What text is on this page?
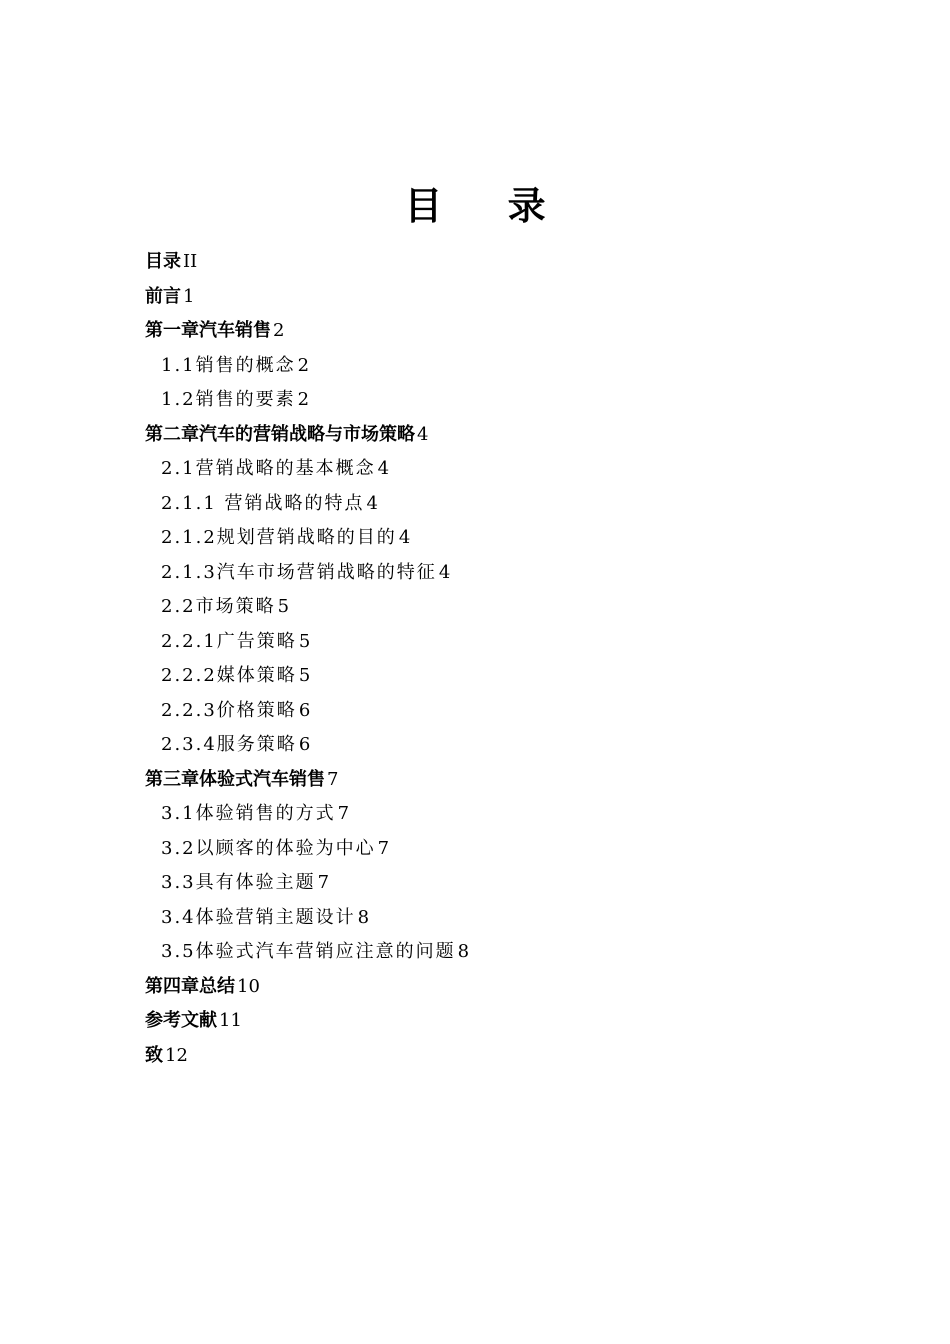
目 录
目录 II
前言 1
第一章汽车销售 2
1.1销售的概念 2
1.2销售的要素 2
第二章汽车的营销战略与市场策略 4
2.1营销战略的基本概念 4
2.1.1 营销战略的特点 4
2.1.2规划营销战略的目的 4
2.1.3汽车市场营销战略的特征 4
2.2市场策略 5
2.2.1广告策略 5
2.2.2媒体策略 5
2.2.3价格策略 6
2.3.4服务策略 6
第三章体验式汽车销售 7
3.1体验销售的方式 7
3.2以顾客的体验为中心 7
3.3具有体验主题 7
3.4体验营销主题设计 8
3.5体验式汽车营销应注意的问题 8
第四章总结 10
参考文献 11
致 12
